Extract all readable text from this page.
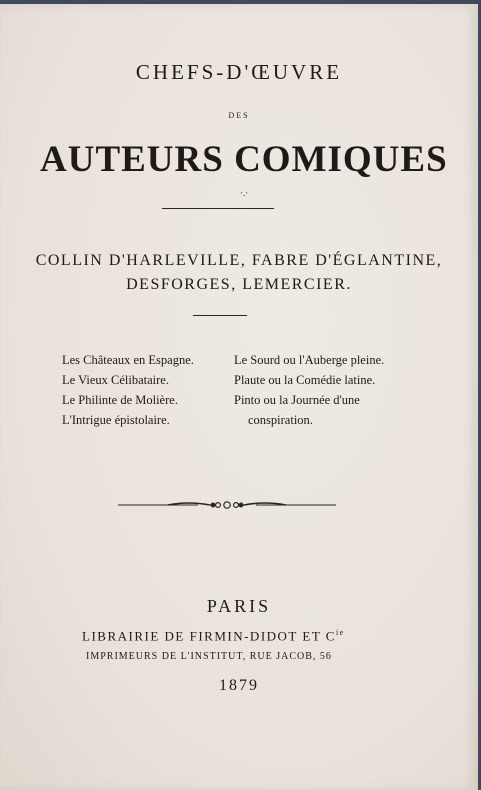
CHEFS-D'ŒUVRE
DES
AUTEURS COMIQUES
·.·
COLLIN D'HARLEVILLE, FABRE D'ÉGLANTINE,
DESFORGES, LEMERCIER.
Les Châteaux en Espagne.
Le Vieux Célibataire.
Le Philinte de Molière.
L'Intrigue épistolaire.
Le Sourd ou l'Auberge pleine.
Plaute ou la Comédie latine.
Pinto ou la Journée d'une
conspiration.
PARIS
LIBRAIRIE DE FIRMIN-DIDOT ET $C^{ie}$
IMPRIMEURS DE L'INSTITUT, RUE JACOB, 56
1879
